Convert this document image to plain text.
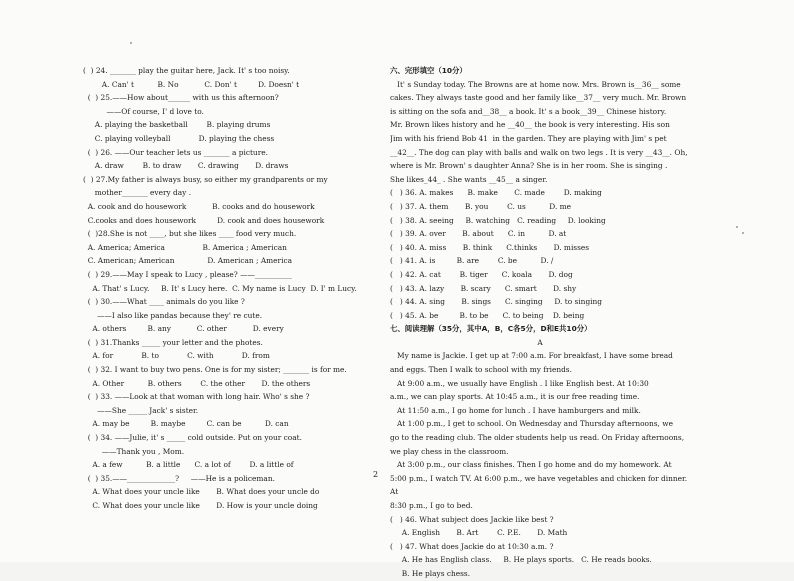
(  ) 24. _______ play the guitar here, Jack. It' s too noisy.
A. Can' t          B. No           C. Don' t         D. Doesn' t
(  ) 25.——How about______ with us this afternoon?
——Of course, I' d love to.
A. playing the basketball        B. playing drums
C. playing volleyball            D. playing the chess
(  ) 26. ——Our teacher lets us _______ a picture.
A. draw        B. to draw       C. drawing       D. draws
(  ) 27.My father is always busy, so either my grandparents or my
mother_______ every day .
A. cook and do housework           B. cooks and do housework
C.cooks and does housework         D. cook and does housework
(  )28.She is not ____, but she likes ____ food very much.
A. America; America                B. America ; American
C. American; American              D. American ; America
(  ) 29.——May I speak to Lucy , please? ——__________
A. That' s Lucy.     B. It' s Lucy here.  C. My name is Lucy  D. I' m Lucy.
(  ) 30.——What ____ animals do you like ?
——I also like pandas because they' re cute.
A. others         B. any           C. other           D. every
(  ) 31.Thanks _____ your letter and the photes.
A. for            B. to            C. with            D. from
(  ) 32. I want to buy two pens. One is for my sister; _______ is for me.
A. Other          B. others        C. the other       D. the others
(  ) 33. ——Look at that woman with long hair. Who' s she ?
——She _____ Jack' s sister.
A. may be         B. maybe         C. can be          D. can
(  ) 34. ——Julie, it' s _____ cold outside. Put on your coat.
——Thank you , Mom.
A. a few          B. a little      C. a lot of        D. a little of
(  ) 35.——_____________?     ——He is a policeman.
A. What does your uncle like       B. What does your uncle do
C. What does your uncle like       D. How is your uncle doing
六、完形填空（10分）
It' s Sunday today. The Browns are at home now. Mrs. Brown is__36__ some
cakes. They always taste good and her family like__37__ very much. Mr. Brown
is sitting on the sofa and__38__ a book. It' s a book__39__ Chinese history.
Mr. Brown likes history and he __40__ the book is very interesting. His son
Jim with his friend Bob 41  in the garden. They are playing with Jim' s pet
__42__. The dog can play with balls and walk on two legs . It is very __43__. Oh,
where is Mr. Brown' s daughter Anna? She is in her room. She is singing .
She likes_44_ . She wants __45__ a singer.
(   ) 36. A. makes      B. make       C. made        D. making
(   ) 37. A. them       B. you        C. us          D. me
(   ) 38. A. seeing     B. watching   C. reading     D. looking
(   ) 39. A. over       B. about      C. in          D. at
(   ) 40. A. miss       B. think      C.thinks       D. misses
(   ) 41. A. is         B. are        C. be          D. /
(   ) 42. A. cat        B. tiger      C. koala       D. dog
(   ) 43. A. lazy       B. scary      C. smart       D. shy
(   ) 44. A. sing       B. sings      C. singing     D. to singing
(   ) 45. A. be         B. to be      C. to being    D. being
七、阅读理解（35分，其中A，B，C各5分，D和E共10分）
A
My name is Jackie. I get up at 7:00 a.m. For breakfast, I have some bread
and eggs. Then I walk to school with my friends.
At 9:00 a.m., we usually have English . I like English best. At 10:30
a.m., we can play sports. At 10:45 a.m., it is our free reading time.
At 11:50 a.m., I go home for lunch . I have hamburgers and milk.
At 1:00 p.m., I get to school. On Wednesday and Thursday afternoons, we
go to the reading club. The older students help us read. On Friday afternoons,
we play chess in the classroom.
At 3:00 p.m., our class finishes. Then I go home and do my homework. At
5:00 p.m., I watch TV. At 6:00 p.m., we have vegetables and chicken for dinner.
At
8:30 p.m., I go to bed.
(   ) 46. What subject does Jackie like best ?
A. English       B. Art        C. P.E.       D. Math
(   ) 47. What does Jackie do at 10:30 a.m. ?
A. He has English class.     B. He plays sports.   C. He reads books.
B. He plays chess.
2
